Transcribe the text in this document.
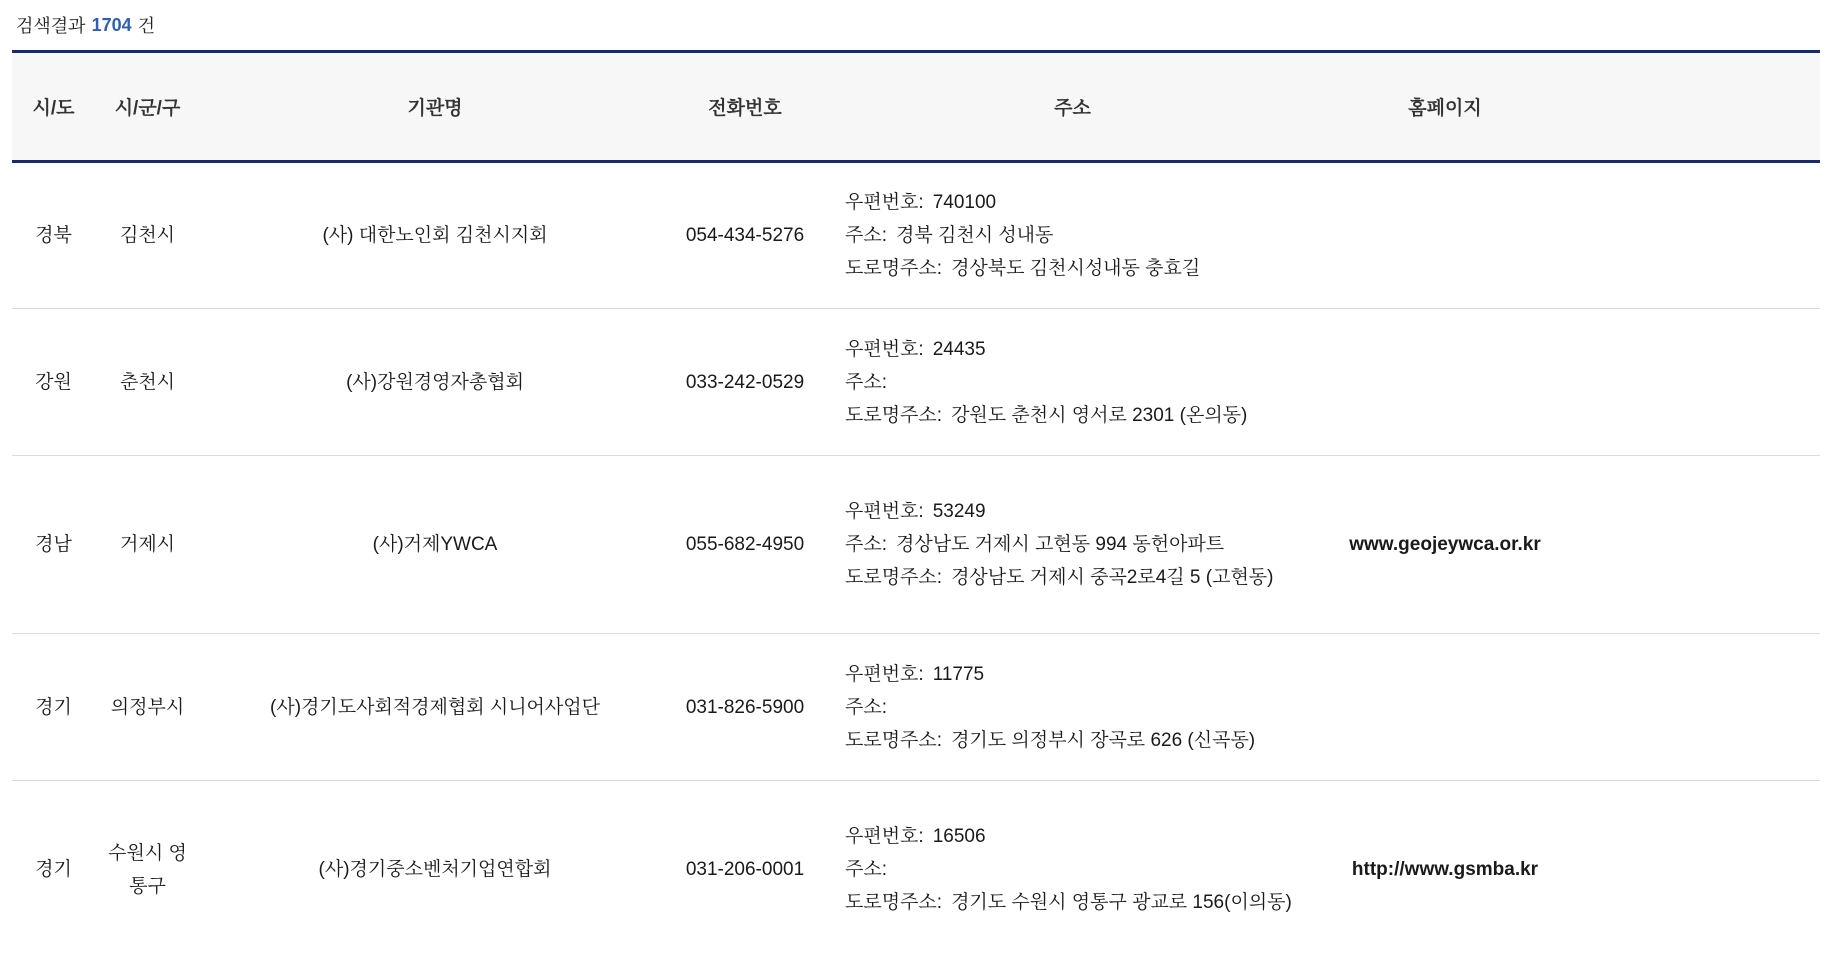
검색결과 1704 건
시/도	시/군/구	기관명	전화번호	주소	홈페이지	
경북	김천시	(사) 대한노인회 김천시지회	054-434-5276	우편번호: 740100
주소: 경북 김천시 성내동
도로명주소: 경상북도 김천시성내동 충효길		

강원	춘천시	(사)강원경영자총협회	033-242-0529	우편번호: 24435
주소:
도로명주소: 강원도 춘천시 영서로 2301 (온의동)		

경남	거제시	(사)거제YWCA	055-682-4950	우편번호: 53249
주소: 경상남도 거제시 고현동 994 동헌아파트
도로명주소: 경상남도 거제시 중곡2로4길 5 (고현동)	www.geojeywca.or.kr	
경기	의정부시	(사)경기도사회적경제협회 시니어사업단	031-826-5900	우편번호: 11775
주소:
도로명주소: 경기도 의정부시 장곡로 626 (신곡동)		

경기	수원시 영통구	(사)경기중소벤처기업연합회	031-206-0001	우편번호: 16506
주소:
도로명주소: 경기도 수원시 영통구 광교로 156(이의동)	http://www.gsmba.kr	
